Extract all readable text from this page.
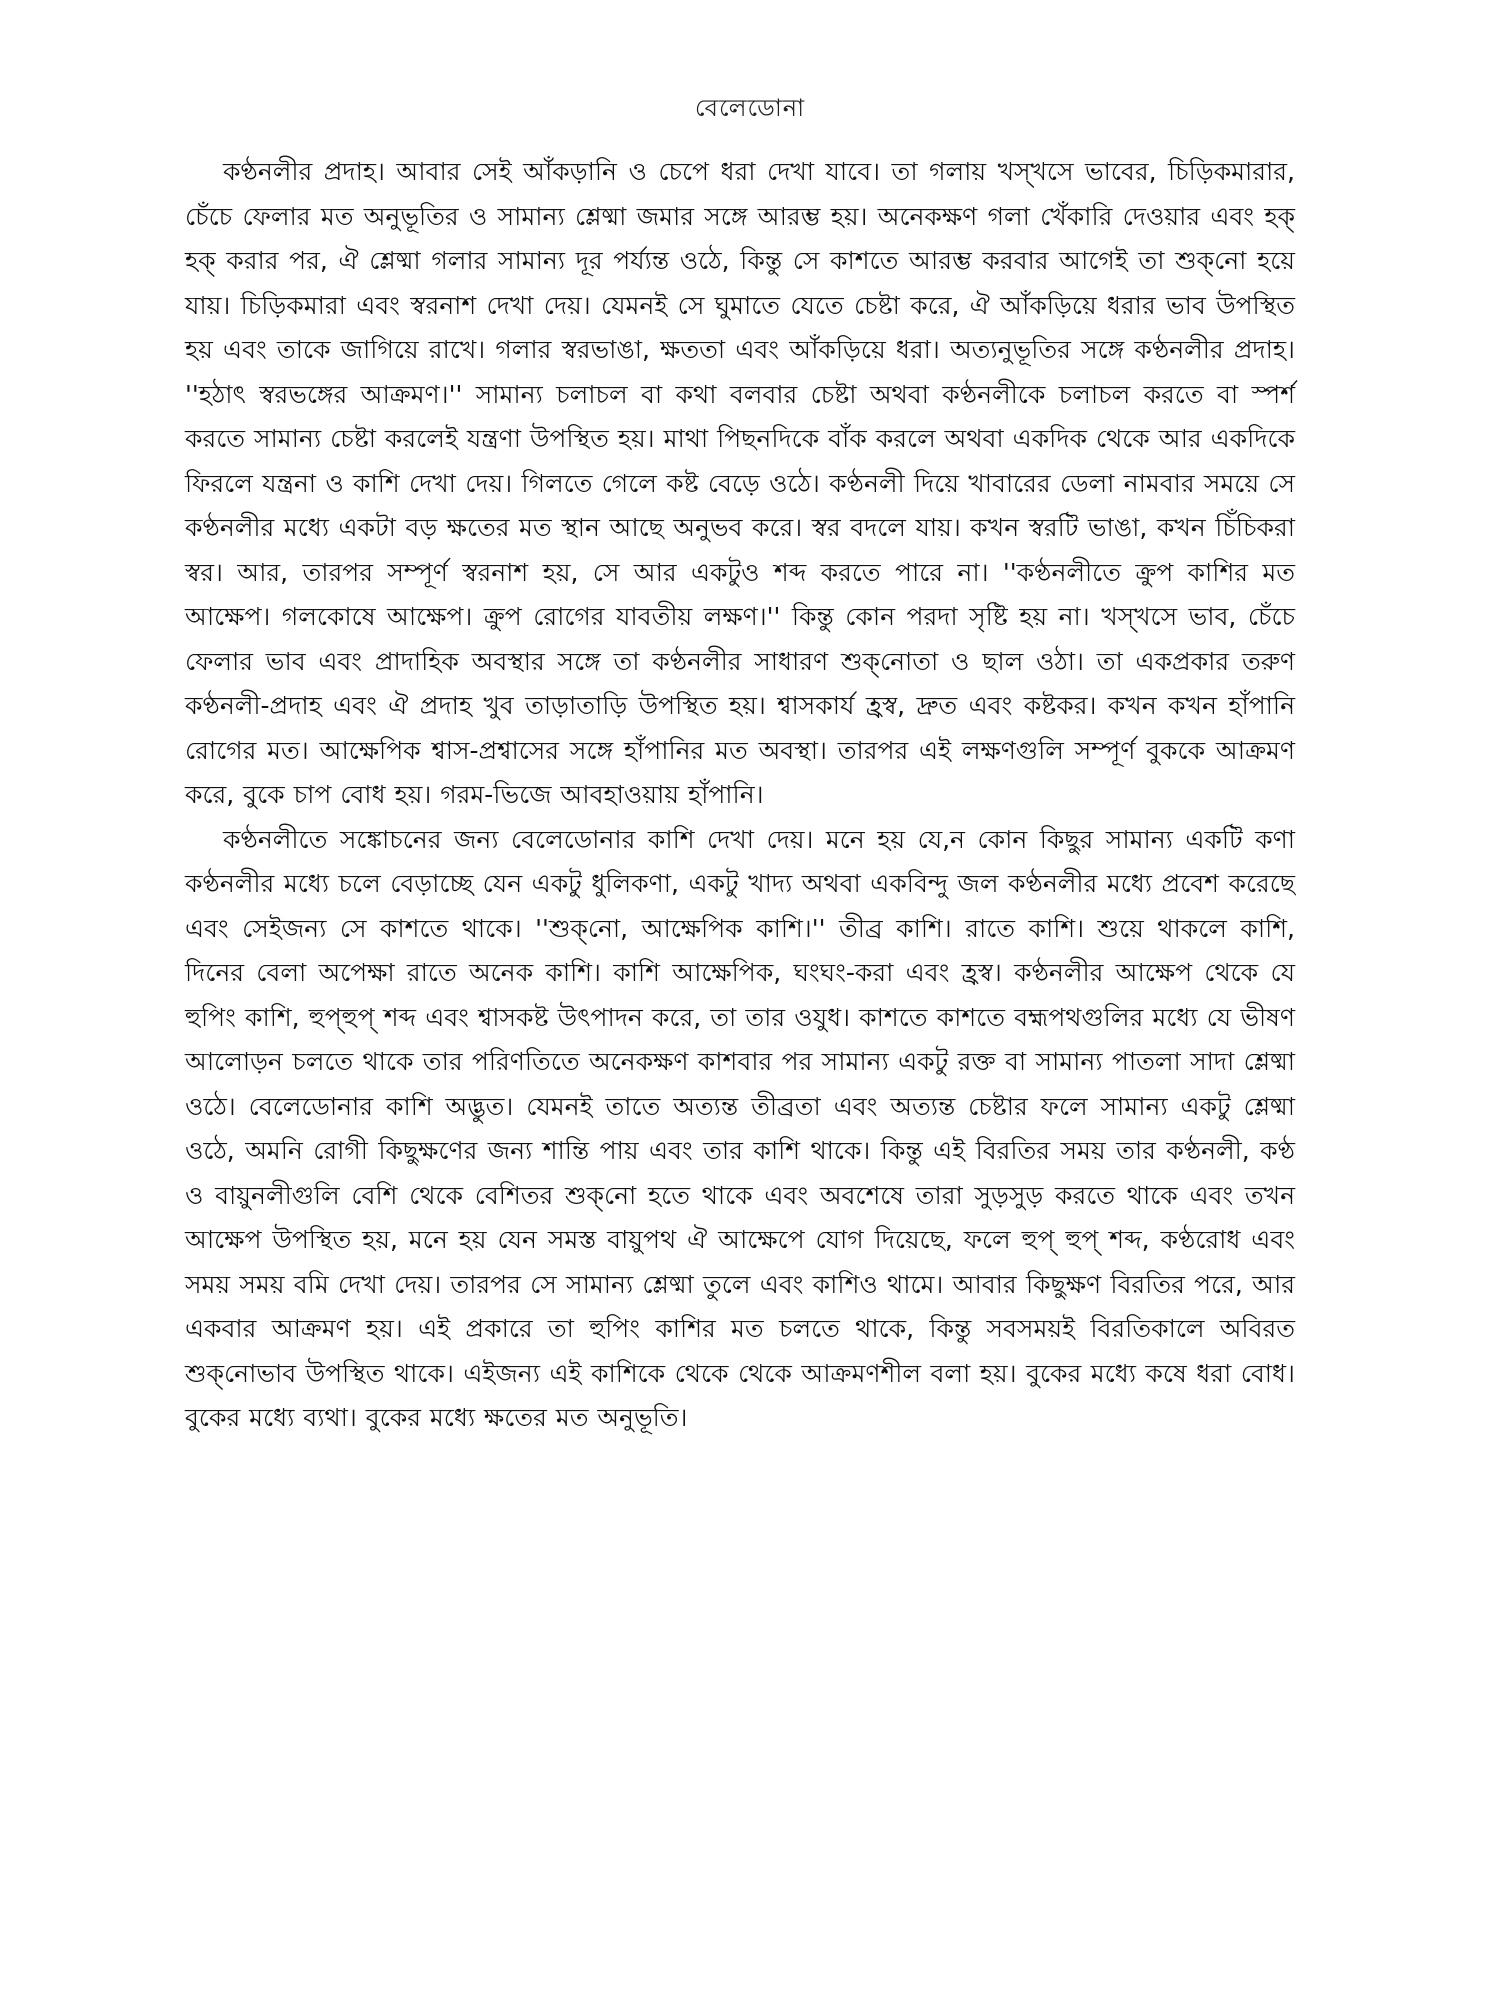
বেলেডোনা

কণ্ঠনলীর প্রদাহ। আবার সেই আঁকড়ানি ও চেপে ধরা দেখা যাবে। তা গলায় খস্‌খসে ভাবের, চিড়িকমারার, চেঁচে ফেলার মত অনুভূতির ও সামান্য শ্লেষ্মা জমার সঙ্গে আরম্ভ হয়। অনেকক্ষণ গলা খেঁকারি দেওয়ার এবং হক্‌ হক্‌ করার পর, ঐ শ্লেষ্মা গলার সামান্য দূর পর্য্যন্ত ওঠে, কিন্তু সে কাশতে আরম্ভ করবার আগেই তা শুক্‌নো হয়ে যায়। চিড়িকমারা এবং স্বরনাশ দেখা দেয়। যেমনই সে ঘুমাতে যেতে চেষ্টা করে, ঐ আঁকড়িয়ে ধরার ভাব উপস্থিত হয় এবং তাকে জাগিয়ে রাখে। গলার স্বরভাঙা, ক্ষততা এবং আঁকড়িয়ে ধরা। অত্যনুভূতির সঙ্গে কণ্ঠনলীর প্রদাহ। ''হঠাৎ স্বরভঙ্গের আক্রমণ।'' সামান্য চলাচল বা কথা বলবার চেষ্টা অথবা কণ্ঠনলীকে চলাচল করতে বা স্পর্শ করতে সামান্য চেষ্টা করলেই যন্ত্রণা উপস্থিত হয়। মাথা পিছনদিকে বাঁক করলে অথবা একদিক থেকে আর একদিকে ফিরলে যন্ত্রনা ও কাশি দেখা দেয়। গিলতে গেলে কষ্ট বেড়ে ওঠে। কণ্ঠনলী দিয়ে খাবারের ডেলা নামবার সময়ে সে কণ্ঠনলীর মধ্যে একটা বড় ক্ষতের মত স্থান আছে অনুভব করে। স্বর বদলে যায়। কখন স্বরটি ভাঙা, কখন চিঁচিকরা স্বর। আর, তারপর সম্পূর্ণ স্বরনাশ হয়, সে আর একটুও শব্দ করতে পারে না। ''কণ্ঠনলীতে ক্রুপ কাশির মত আক্ষেপ। গলকোষে আক্ষেপ। ক্রুপ রোগের যাবতীয় লক্ষণ।'' কিন্তু কোন পরদা সৃষ্টি হয় না। খস্‌খসে ভাব, চেঁচে ফেলার ভাব এবং প্রাদাহিক অবস্থার সঙ্গে তা কণ্ঠনলীর সাধারণ শুক্‌নোতা ও ছাল ওঠা। তা একপ্রকার তরুণ কণ্ঠনলী-প্রদাহ এবং ঐ প্রদাহ খুব তাড়াতাড়ি উপস্থিত হয়। শ্বাসকার্য হ্রস্ব, দ্রুত এবং কষ্টকর। কখন কখন হাঁপানি রোগের মত। আক্ষেপিক শ্বাস-প্রশ্বাসের সঙ্গে হাঁপানির মত অবস্থা। তারপর এই লক্ষণগুলি সম্পূর্ণ বুককে আক্রমণ করে, বুকে চাপ বোধ হয়। গরম-ভিজে আবহাওয়ায় হাঁপানি।

কণ্ঠনলীতে সঙ্কোচনের জন্য বেলেডোনার কাশি দেখা দেয়। মনে হয় যে,ন কোন কিছুর সামান্য একটি কণা কণ্ঠনলীর মধ্যে চলে বেড়াচ্ছে যেন একটু ধুলিকণা, একটু খাদ্য অথবা একবিন্দু জল কণ্ঠনলীর মধ্যে প্রবেশ করেছে এবং সেইজন্য সে কাশতে থাকে। ''শুক্‌নো, আক্ষেপিক কাশি।'' তীব্র কাশি। রাতে কাশি। শুয়ে থাকলে কাশি, দিনের বেলা অপেক্ষা রাতে অনেক কাশি। কাশি আক্ষেপিক, ঘংঘং-করা এবং হ্রস্ব। কণ্ঠনলীর আক্ষেপ থেকে যে হুপিং কাশি, হুপ্‌হুপ্‌ শব্দ এবং শ্বাসকষ্ট উৎপাদন করে, তা তার ওযুধ। কাশতে কাশতে বহ্মপথগুলির মধ্যে যে ভীষণ আলোড়ন চলতে থাকে তার পরিণতিতে অনেকক্ষণ কাশবার পর সামান্য একটু রক্ত বা সামান্য পাতলা সাদা শ্লেষ্মা ওঠে। বেলেডোনার কাশি অদ্ভুত। যেমনই তাতে অত্যন্ত তীব্রতা এবং অত্যন্ত চেষ্টার ফলে সামান্য একটু শ্লেষ্মা ওঠে, অমনি রোগী কিছুক্ষণের জন্য শান্তি পায় এবং তার কাশি থাকে। কিন্তু এই বিরতির সময় তার কণ্ঠনলী, কণ্ঠ ও বায়ুনলীগুলি বেশি থেকে বেশিতর শুক্‌নো হতে থাকে এবং অবশেষে তারা সুড়সুড় করতে থাকে এবং তখন আক্ষেপ উপস্থিত হয়, মনে হয় যেন সমস্ত বায়ুপথ ঐ আক্ষেপে যোগ দিয়েছে, ফলে হুপ্‌ হুপ্‌ শব্দ, কণ্ঠরোধ এবং সময় সময় বমি দেখা দেয়। তারপর সে সামান্য শ্লেষ্মা তুলে এবং কাশিও থামে। আবার কিছুক্ষণ বিরতির পরে, আর একবার আক্রমণ হয়। এই প্রকারে তা হুপিং কাশির মত চলতে থাকে, কিন্তু সবসময়ই বিরতিকালে অবিরত শুক্‌নোভাব উপস্থিত থাকে। এইজন্য এই কাশিকে থেকে থেকে আক্রমণশীল বলা হয়। বুকের মধ্যে কষে ধরা বোধ। বুকের মধ্যে ব্যথা। বুকের মধ্যে ক্ষতের মত অনুভূতি।
